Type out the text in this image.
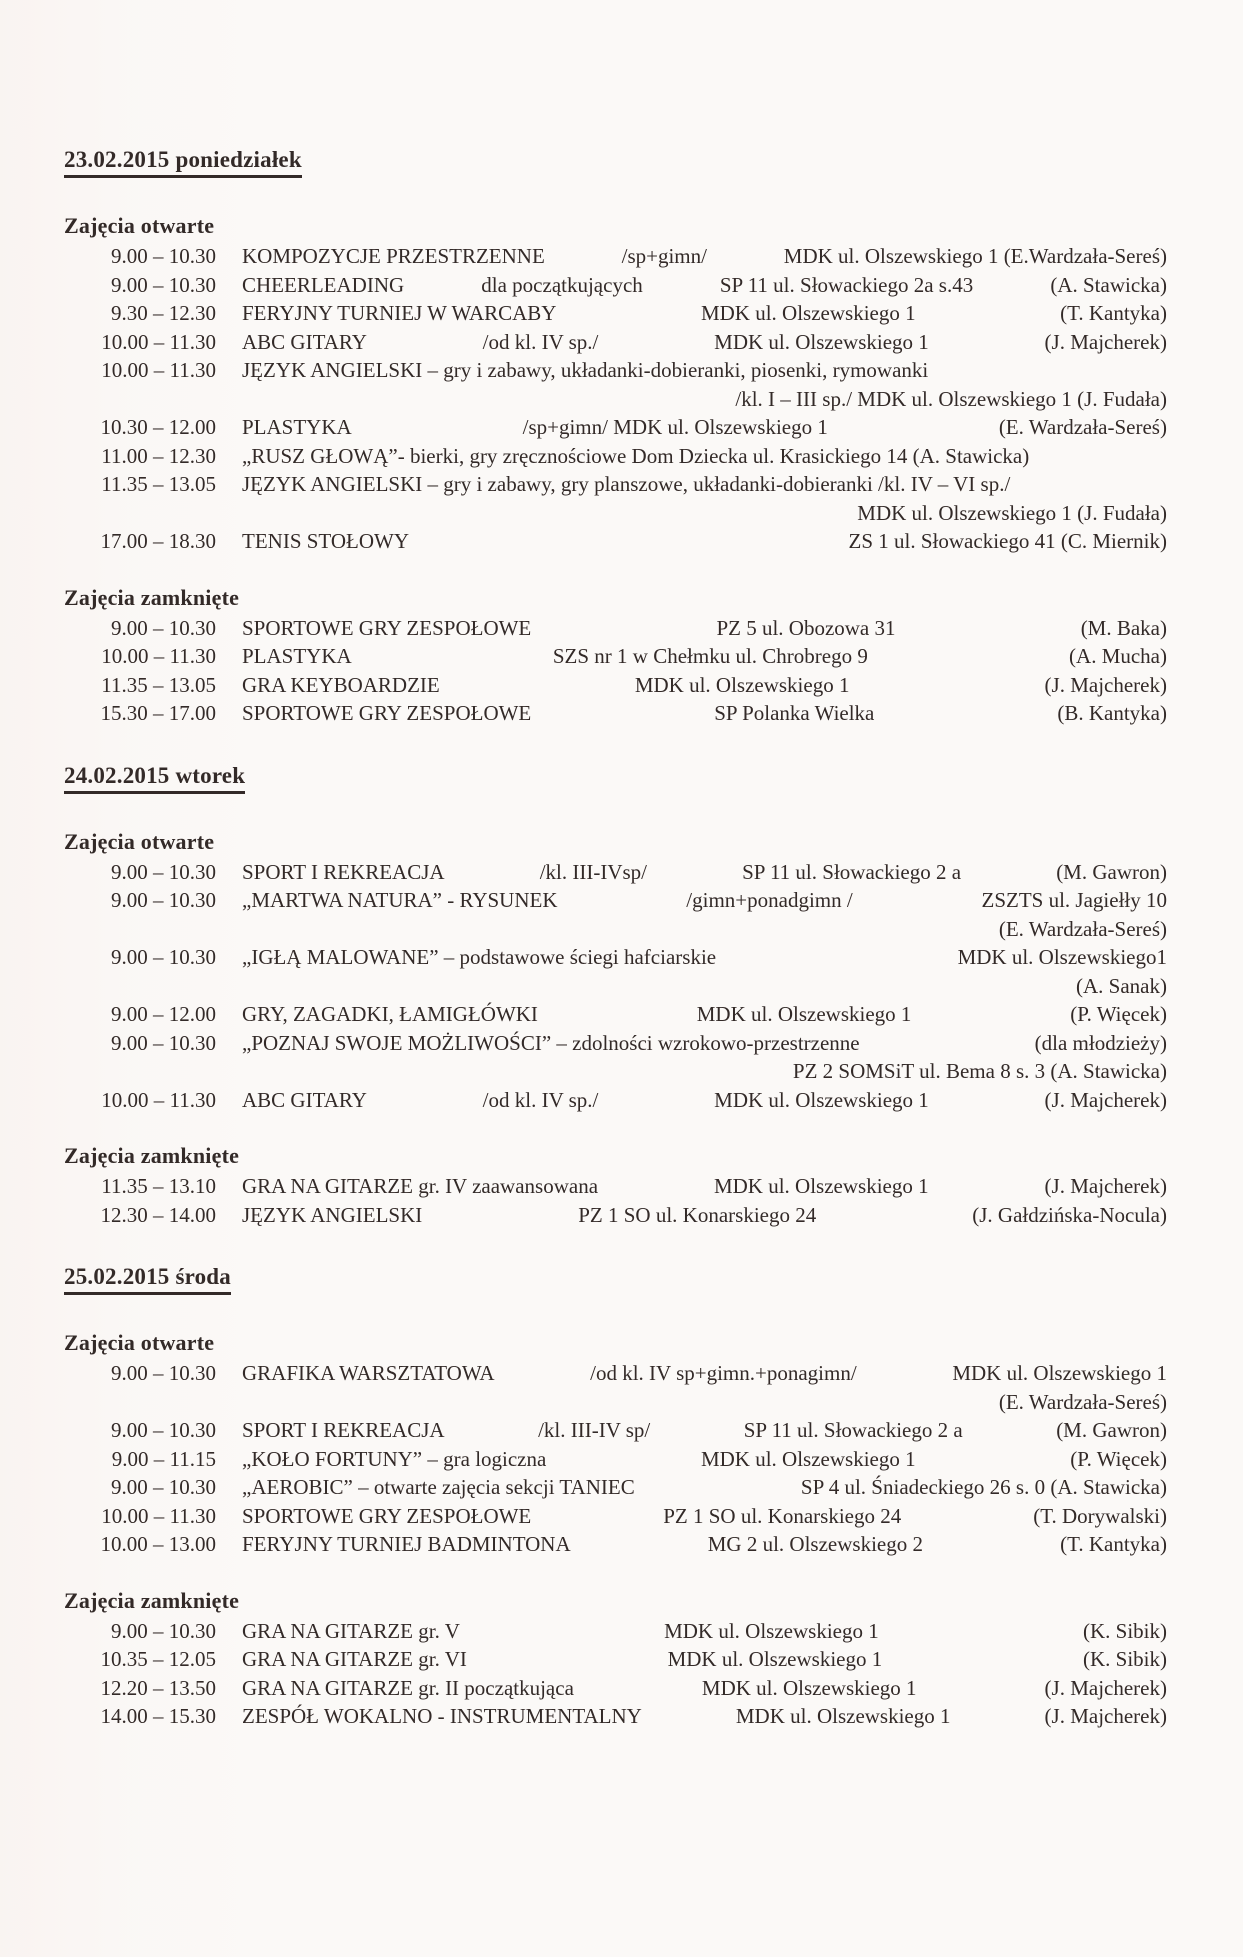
23.02.2015 poniedziałek
Zajęcia otwarte
9.00 – 10.30 KOMPOZYCJE PRZESTRZENNE	/sp+gimn/	MDK ul. Olszewskiego 1 (E.Wardzała-Sereś)
9.00 – 10.30 CHEERLEADING	dla początkujących	SP 11 ul. Słowackiego 2a s.43	(A. Stawicka)
9.30 – 12.30 FERYJNY TURNIEJ W WARCABY	MDK ul. Olszewskiego 1	(T. Kantyka)
10.00 – 11.30 ABC GITARY	/od kl. IV sp./	MDK ul. Olszewskiego 1	(J. Majcherek)
10.00 – 11.30 JĘZYK ANGIELSKI – gry i zabawy, układanki-dobieranki, piosenki, rymowanki
/kl. I – III sp./ MDK ul. Olszewskiego 1 (J. Fudała)
10.30 – 12.00 PLASTYKA	/sp+gimn/ MDK ul. Olszewskiego 1	(E. Wardzała-Sereś)
11.00 – 12.30 „RUSZ GŁOWĄ”- bierki, gry zręcznościowe Dom Dziecka ul. Krasickiego 14 (A. Stawicka)
11.35 – 13.05 JĘZYK ANGIELSKI – gry i zabawy, gry planszowe, układanki-dobieranki /kl. IV – VI sp./
MDK ul. Olszewskiego 1 (J. Fudała)
17.00 – 18.30 TENIS STOŁOWY	ZS 1 ul. Słowackiego 41 (C. Miernik)
Zajęcia zamknięte
9.00 – 10.30 SPORTOWE GRY ZESPOŁOWE	PZ 5 ul. Obozowa 31	(M. Baka)
10.00 – 11.30 PLASTYKA	SZS nr 1 w Chełmku ul. Chrobrego 9	(A. Mucha)
11.35 – 13.05 GRA KEYBOARDZIE	MDK ul. Olszewskiego 1	(J. Majcherek)
15.30 – 17.00 SPORTOWE GRY ZESPOŁOWE	SP Polanka Wielka	(B. Kantyka)
24.02.2015 wtorek
Zajęcia otwarte
9.00 – 10.30 SPORT I REKREACJA	/kl. III-IVsp/	SP 11 ul. Słowackiego 2 a	(M. Gawron)
9.00 – 10.30 „MARTWA NATURA” - RYSUNEK	/gimn+ponadgimn /	ZSZTS ul. Jagiełły 10
(E. Wardzała-Sereś)
9.00 – 10.30 „IGŁĄ MALOWANE” – podstawowe ściegi hafciarskie	MDK ul. Olszewskiego1
(A. Sanak)
9.00 – 12.00 GRY, ZAGADKI, ŁAMIGŁÓWKI	MDK ul. Olszewskiego 1	(P. Więcek)
9.00 – 10.30 „POZNAJ SWOJE MOŻLIWOŚCI” – zdolności wzrokowo-przestrzenne	(dla młodzieży)
PZ 2 SOMSiT ul. Bema 8 s. 3 (A. Stawicka)
10.00 – 11.30 ABC GITARY	/od kl. IV sp./	MDK ul. Olszewskiego 1	(J. Majcherek)
Zajęcia zamknięte
11.35 – 13.10 GRA NA GITARZE gr. IV zaawansowana	MDK ul. Olszewskiego 1	(J. Majcherek)
12.30 – 14.00 JĘZYK ANGIELSKI	PZ 1 SO ul. Konarskiego 24	(J. Gałdzińska-Nocula)
25.02.2015 środa
Zajęcia otwarte
9.00 – 10.30 GRAFIKA WARSZTATOWA	/od kl. IV sp+gimn.+ponagimn/	MDK ul. Olszewskiego 1
(E. Wardzała-Sereś)
9.00 – 10.30 SPORT I REKREACJA	/kl. III-IV sp/	SP 11 ul. Słowackiego 2 a	(M. Gawron)
9.00 – 11.15 „KOŁO FORTUNY” – gra logiczna	MDK ul. Olszewskiego 1	(P. Więcek)
9.00 – 10.30 „AEROBIC” – otwarte zajęcia sekcji TANIEC	SP 4 ul. Śniadeckiego 26 s. 0 (A. Stawicka)
10.00 – 11.30 SPORTOWE GRY ZESPOŁOWE	PZ 1 SO ul. Konarskiego 24	(T. Dorywalski)
10.00 – 13.00 FERYJNY TURNIEJ BADMINTONA	MG 2 ul. Olszewskiego 2	(T. Kantyka)
Zajęcia zamknięte
9.00 – 10.30 GRA NA GITARZE gr. V	MDK ul. Olszewskiego 1	(K. Sibik)
10.35 – 12.05 GRA NA GITARZE gr. VI	MDK ul. Olszewskiego 1	(K. Sibik)
12.20 – 13.50 GRA NA GITARZE gr. II początkująca	MDK ul. Olszewskiego 1	(J. Majcherek)
14.00 – 15.30 ZESPÓŁ WOKALNO - INSTRUMENTALNY	MDK ul. Olszewskiego 1	(J. Majcherek)
